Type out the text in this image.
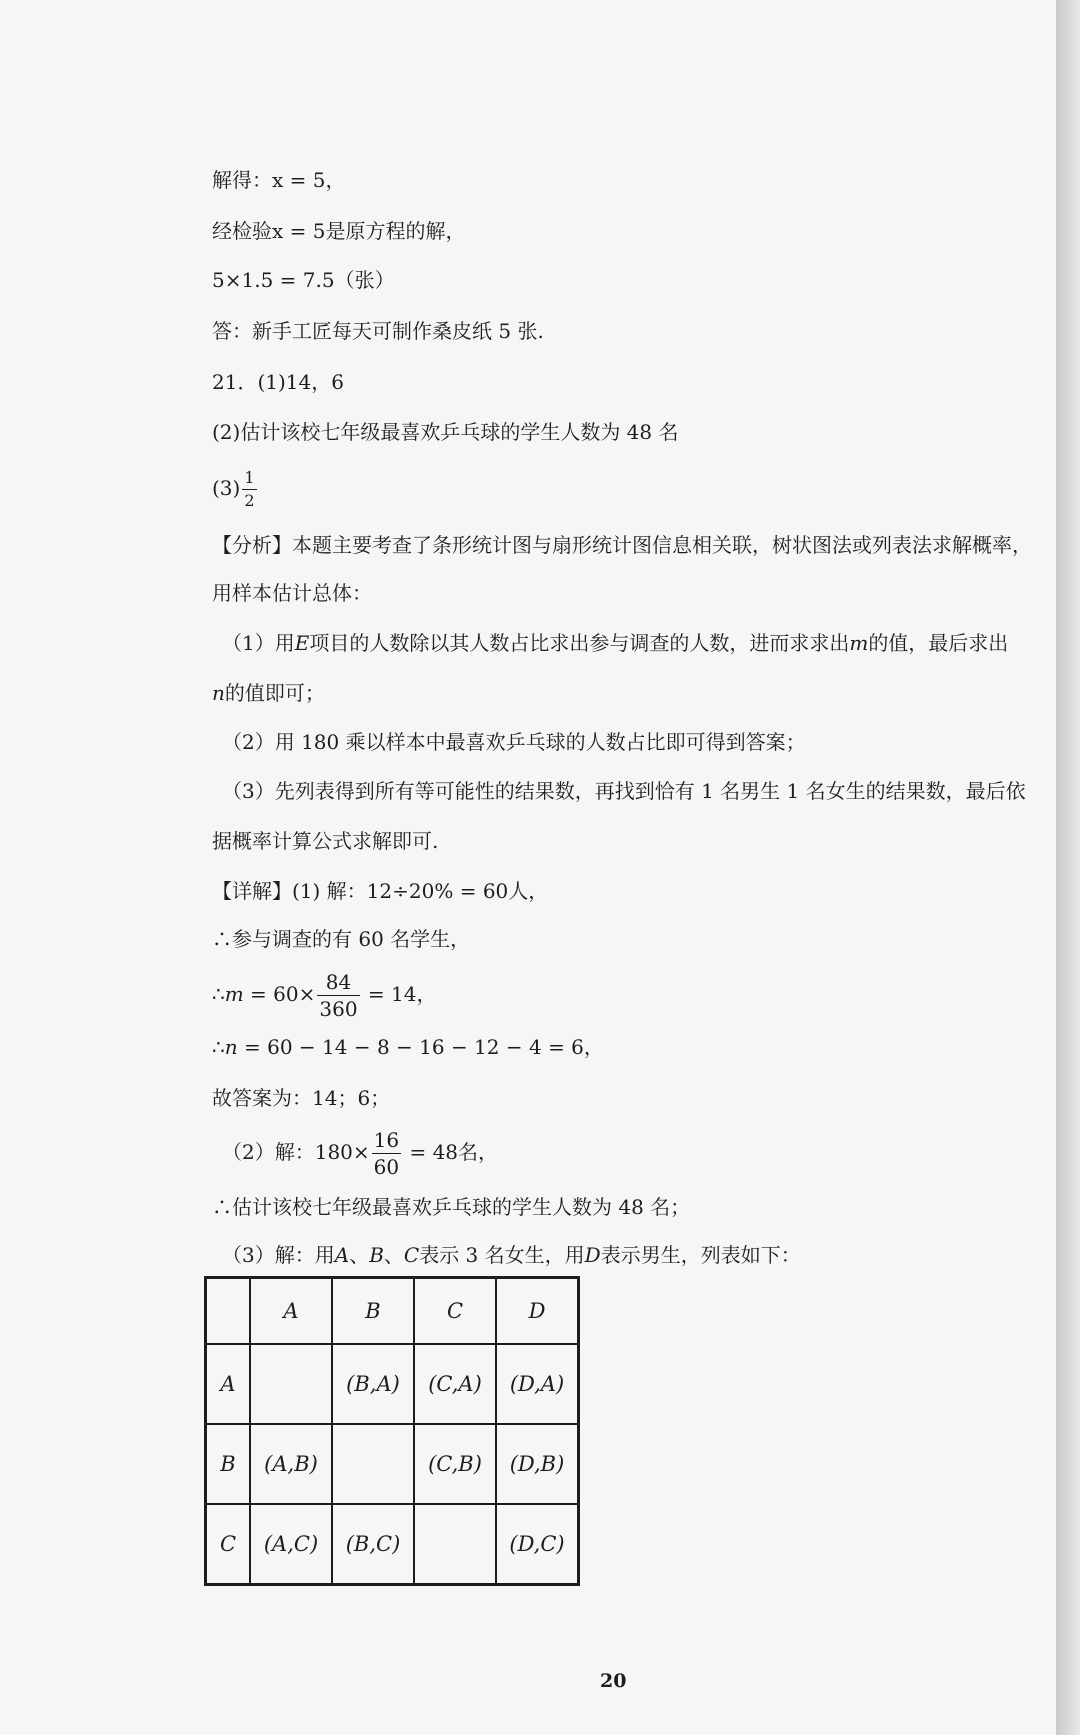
解得：x = 5，
经检验x = 5是原方程的解，
5×1.5 = 7.5（张）
答：新手工匠每天可制作桑皮纸 5 张.
21．(1)14，6
(2)估计该校七年级最喜欢乒乓球的学生人数为 48 名
$(3) \frac{1}{2}$
【分析】本题主要考查了条形统计图与扇形统计图信息相关联，树状图法或列表法求解概率，
用样本估计总体：
（1）用E项目的人数除以其人数占比求出参与调查的人数，进而求求出m的值，最后求出
n的值即可；
（2）用 180 乘以样本中最喜欢乒乓球的人数占比即可得到答案；
（3）先列表得到所有等可能性的结果数，再找到恰有 1 名男生 1 名女生的结果数，最后依
据概率计算公式求解即可.
【详解】(1) 解：12÷20% = 60人，
∴参与调查的有 60 名学生，
∴m = $60\times \frac{84}{360} = 14$，
∴n = 60 − 14 − 8 − 16 − 12 − 4 = 6，
故答案为：14；6；
（2）解：$180\times \frac{16}{60} = 48$名，
∴估计该校七年级最喜欢乒乓球的学生人数为 48 名；
（3）解：用A、B、C表示 3 名女生，用D表示男生，列表如下：
	A	B	C	D
A		(B,A)	(C,A)	(D,A)
B	(A,B)		(C,B)	(D,B)
C	(A,C)	(B,C)		(D,C)
20
